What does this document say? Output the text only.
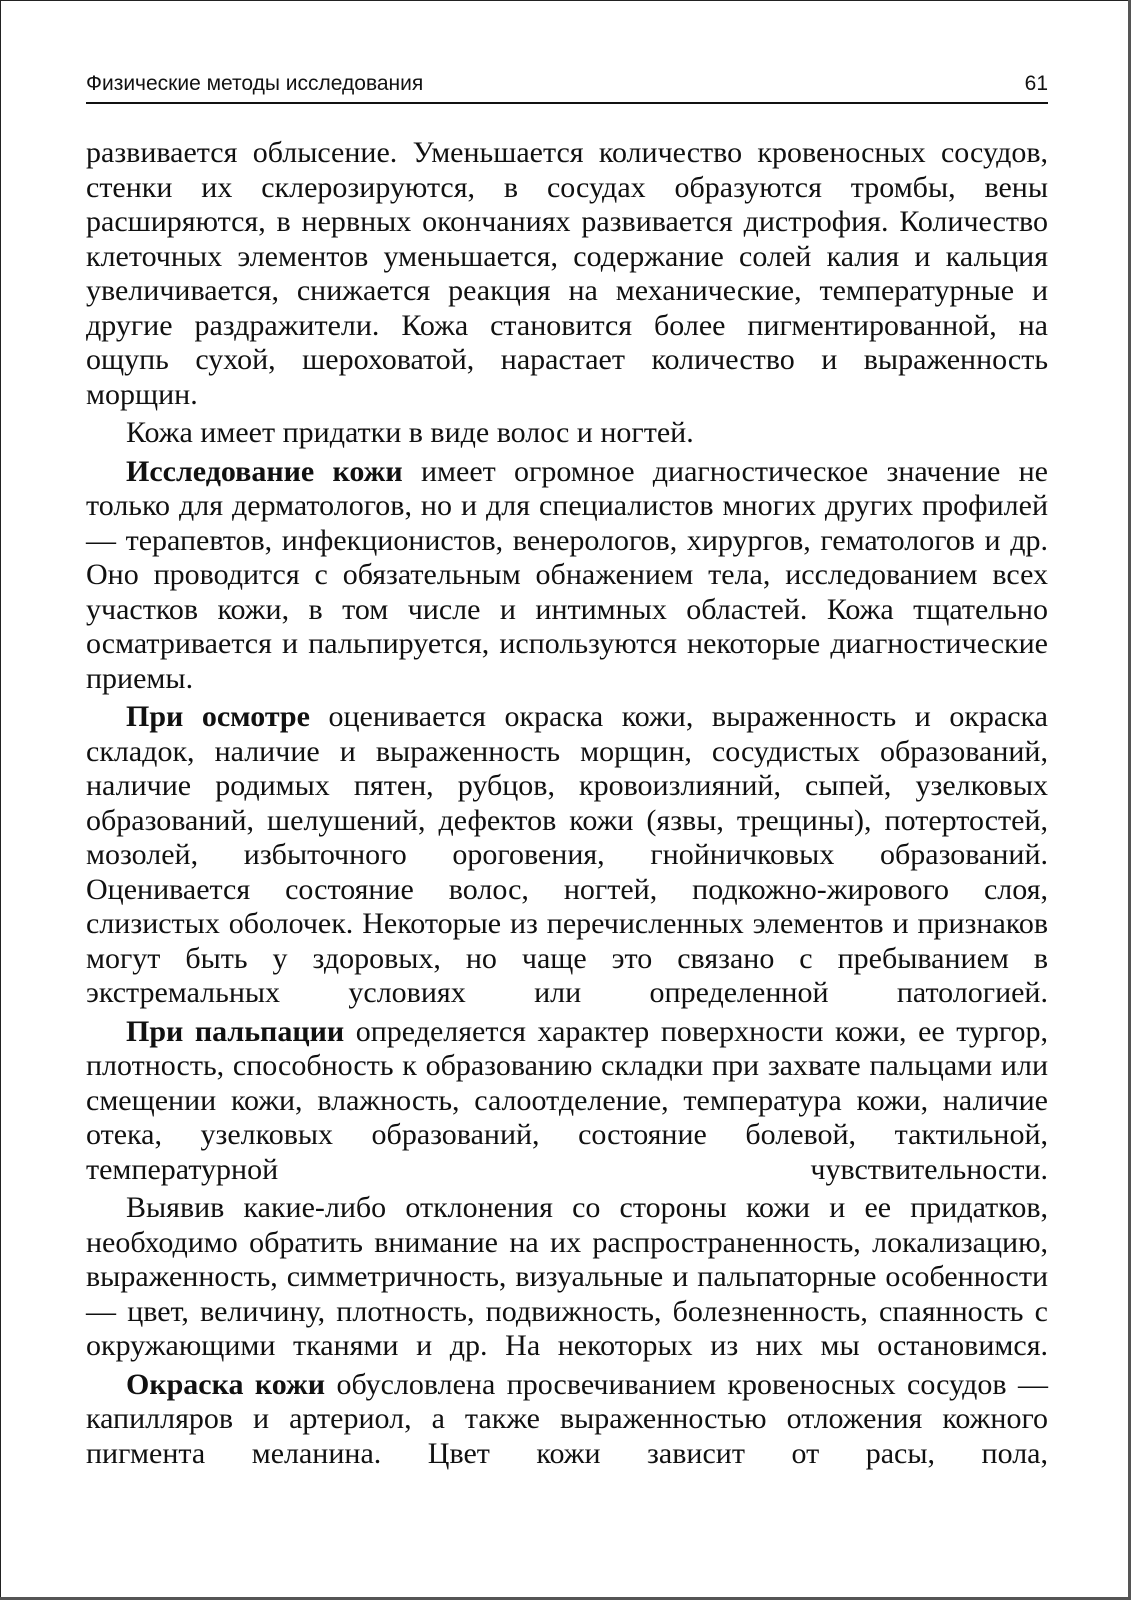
Физические методы исследования	61

развивается облысение. Уменьшается количество кровеносных сосудов, стенки их склерозируются, в сосудах образуются тромбы, вены расширяются, в нервных окончаниях развивается дистрофия. Количество клеточных элементов уменьшается, содержание солей калия и кальция увеличивается, снижается реакция на механические, температурные и другие раздражители. Кожа становится более пигментированной, на ощупь сухой, шероховатой, нарастает количество и выраженность морщин.

Кожа имеет придатки в виде волос и ногтей.

Исследование кожи имеет огромное диагностическое значение не только для дерматологов, но и для специалистов многих других профилей — терапевтов, инфекционистов, венерологов, хирургов, гематологов и др. Оно проводится с обязательным обнажением тела, исследованием всех участков кожи, в том числе и интимных областей. Кожа тщательно осматривается и пальпируется, используются некоторые диагностические приемы.

При осмотре оценивается окраска кожи, выраженность и окраска складок, наличие и выраженность морщин, сосудистых образований, наличие родимых пятен, рубцов, кровоизлияний, сыпей, узелковых образований, шелушений, дефектов кожи (язвы, трещины), потертостей, мозолей, избыточного ороговения, гнойничковых образований. Оценивается состояние волос, ногтей, подкожно-жирового слоя, слизистых оболочек. Некоторые из перечисленных элементов и признаков могут быть у здоровых, но чаще это связано с пребыванием в экстремальных условиях или определенной патологией.

При пальпации определяется характер поверхности кожи, ее тургор, плотность, способность к образованию складки при захвате пальцами или смещении кожи, влажность, салоотделение, температура кожи, наличие отека, узелковых образований, состояние болевой, тактильной, температурной чувствительности.

Выявив какие-либо отклонения со стороны кожи и ее придатков, необходимо обратить внимание на их распространенность, локализацию, выраженность, симметричность, визуальные и пальпаторные особенности — цвет, величину, плотность, подвижность, болезненность, спаянность с окружающими тканями и др. На некоторых из них мы остановимся.

Окраска кожи обусловлена просвечиванием кровеносных сосудов — капилляров и артериол, а также выраженностью отложения кожного пигмента меланина. Цвет кожи зависит от расы, пола,
